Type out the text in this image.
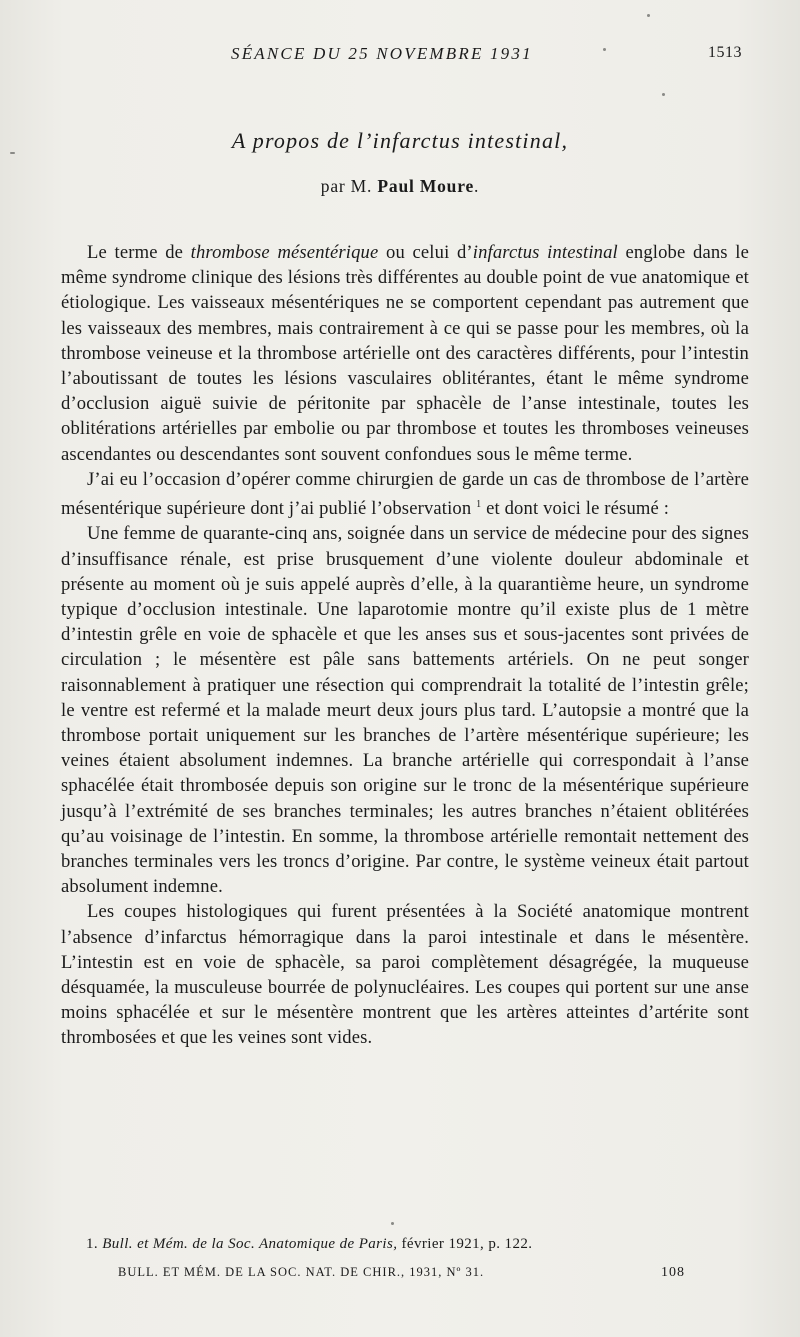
SÉANCE DU 25 NOVEMBRE 1931	1513
A propos de l’infarctus intestinal,
par M. Paul Moure.

Le terme de thrombose mésentérique ou celui d’infarctus intestinal englobe dans le même syndrome clinique des lésions très différentes au double point de vue anatomique et étiologique. Les vaisseaux mésentériques ne se comportent cependant pas autrement que les vaisseaux des membres, mais contrairement à ce qui se passe pour les membres, où la thrombose veineuse et la thrombose artérielle ont des caractères différents, pour l’intestin l’aboutissant de toutes les lésions vasculaires oblitérantes, étant le même syndrome d’occlusion aiguë suivie de péritonite par sphacèle de l’anse intestinale, toutes les oblitérations artérielles par embolie ou par thrombose et toutes les thromboses veineuses ascendantes ou descendantes sont souvent confondues sous le même terme.

J’ai eu l’occasion d’opérer comme chirurgien de garde un cas de thrombose de l’artère mésentérique supérieure dont j’ai publié l’observation $^1$ et dont voici le résumé :

Une femme de quarante-cinq ans, soignée dans un service de médecine pour des signes d’insuffisance rénale, est prise brusquement d’une violente douleur abdominale et présente au moment où je suis appelé auprès d’elle, à la quarantième heure, un syndrome typique d’occlusion intestinale. Une laparotomie montre qu’il existe plus de 1 mètre d’intestin grêle en voie de sphacèle et que les anses sus et sous-jacentes sont privées de circulation ; le mésentère est pâle sans battements artériels. On ne peut songer raisonnablement à pratiquer une résection qui comprendrait la totalité de l’intestin grêle; le ventre est refermé et la malade meurt deux jours plus tard. L’autopsie a montré que la thrombose portait uniquement sur les branches de l’artère mésentérique supérieure; les veines étaient absolument indemnes. La branche artérielle qui correspondait à l’anse sphacélée était thrombosée depuis son origine sur le tronc de la mésentérique supérieure jusqu’à l’extrémité de ses branches terminales; les autres branches n’étaient oblitérées qu’au voisinage de l’intestin. En somme, la thrombose artérielle remontait nettement des branches terminales vers les troncs d’origine. Par contre, le système veineux était partout absolument indemne.

Les coupes histologiques qui furent présentées à la Société anatomique montrent l’absence d’infarctus hémorragique dans la paroi intestinale et dans le mésentère. L’intestin est en voie de sphacèle, sa paroi complètement désagrégée, la muqueuse désquamée, la musculeuse bourrée de polynucléaires. Les coupes qui portent sur une anse moins sphacélée et sur le mésentère montrent que les artères atteintes d’artérite sont thrombosées et que les veines sont vides.

1. Bull. et Mém. de la Soc. Anatomique de Paris, février 1921, p. 122.
BULL. ET MÉM. DE LA SOC. NAT. DE CHIR., 1931, Nº 31.	108
